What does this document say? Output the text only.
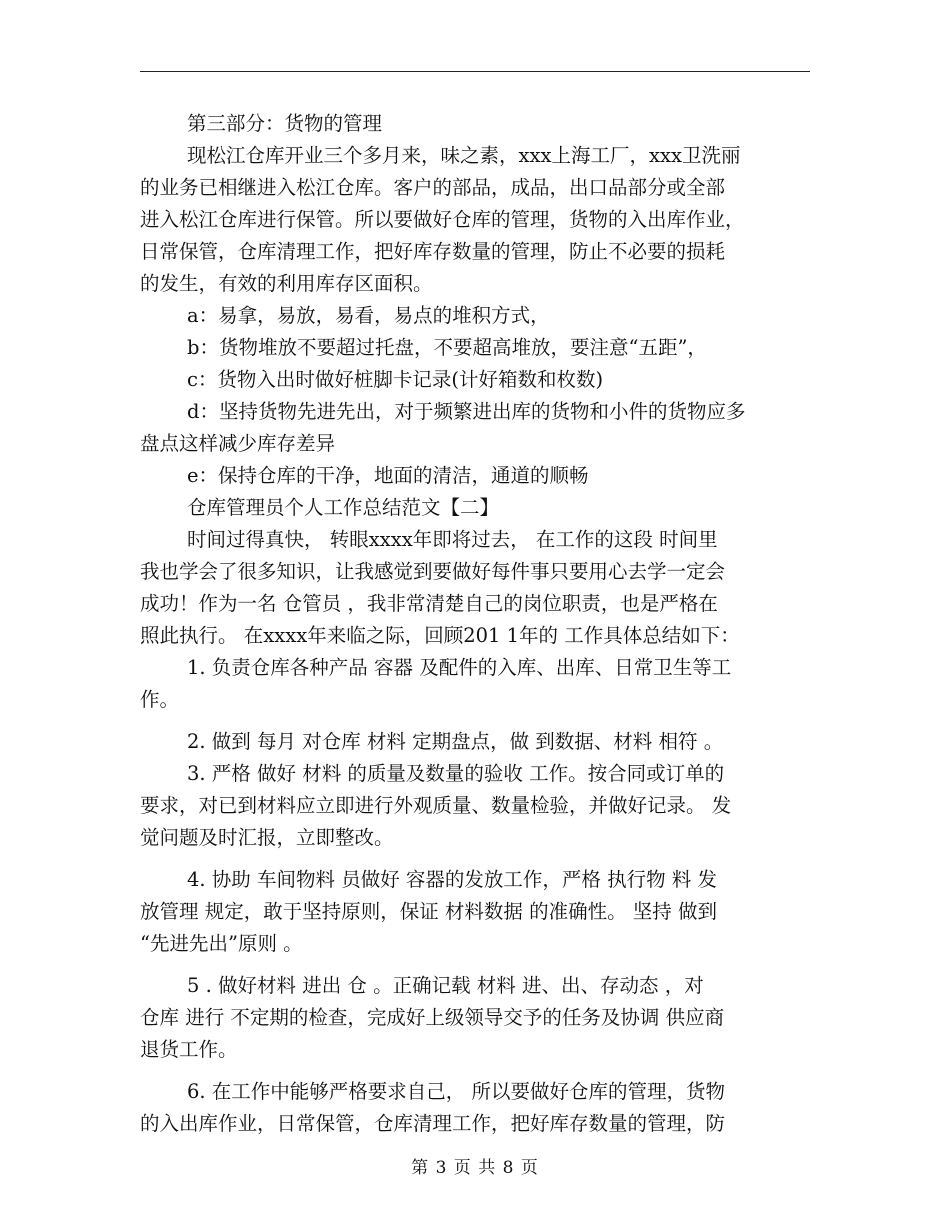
第三部分：货物的管理
现松江仓库开业三个多月来，味之素，xxx上海工厂，xxx卫洗丽
的业务已相继进入松江仓库。客户的部品，成品，出口品部分或全部
进入松江仓库进行保管。所以要做好仓库的管理，货物的入出库作业，
日常保管，仓库清理工作，把好库存数量的管理，防止不必要的损耗
的发生，有效的利用库存区面积。
a：易拿，易放，易看，易点的堆积方式，
b：货物堆放不要超过托盘，不要超高堆放，要注意“五距”，
c：货物入出时做好桩脚卡记录(计好箱数和枚数)
d：坚持货物先进先出，对于频繁进出库的货物和小件的货物应多
盘点这样减少库存差异
e：保持仓库的干净，地面的清洁，通道的顺畅
仓库管理员个人工作总结范文【二】
时间过得真快， 转眼xxxx年即将过去， 在工作的这段 时间里
我也学会了很多知识，让我感觉到要做好每件事只要用心去学一定会
成功！作为一名 仓管员 ，我非常清楚自己的岗位职责，也是严格在
照此执行。 在xxxx年来临之际，回顾201 1年的 工作具体总结如下：
1. 负责仓库各种产品 容器 及配件的入库、出库、日常卫生等工
作。
2. 做到 每月 对仓库 材料 定期盘点，做 到数据、材料 相符 。
3. 严格 做好 材料 的质量及数量的验收 工作。按合同或订单的
要求，对已到材料应立即进行外观质量、数量检验，并做好记录。 发
觉问题及时汇报，立即整改。
4. 协助 车间物料 员做好 容器的发放工作，严格 执行物 料 发
放管理 规定，敢于坚持原则，保证 材料数据 的准确性。 坚持 做到
“先进先出”原则 。
5 . 做好材料 进出 仓 。正确记载 材料 进、出、存动态 ，对
仓库 进行 不定期的检查，完成好上级领导交予的任务及协调 供应商
退货工作。
6. 在工作中能够严格要求自己， 所以要做好仓库的管理，货物
的入出库作业，日常保管，仓库清理工作，把好库存数量的管理，防
第 3 页 共 8 页
